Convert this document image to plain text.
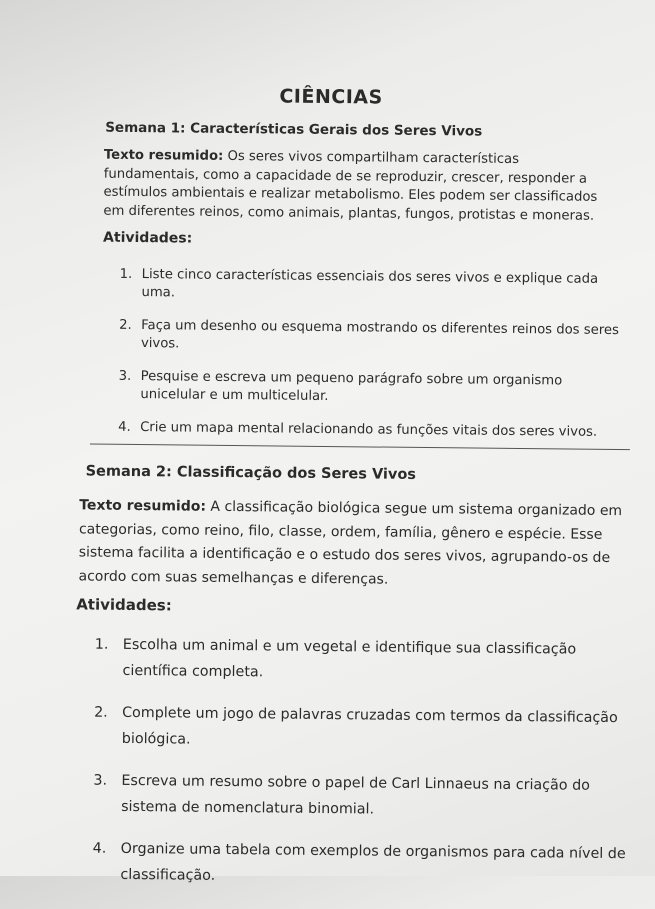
CIÊNCIAS
Semana 1: Características Gerais dos Seres Vivos
Texto resumido: Os seres vivos compartilham características fundamentais, como a capacidade de se reproduzir, crescer, responder a estímulos ambientais e realizar metabolismo. Eles podem ser classificados em diferentes reinos, como animais, plantas, fungos, protistas e moneras.
Atividades:
1. Liste cinco características essenciais dos seres vivos e explique cada uma.
2. Faça um desenho ou esquema mostrando os diferentes reinos dos seres vivos.
3. Pesquise e escreva um pequeno parágrafo sobre um organismo unicelular e um multicelular.
4. Crie um mapa mental relacionando as funções vitais dos seres vivos.
Semana 2: Classificação dos Seres Vivos
Texto resumido: A classificação biológica segue um sistema organizado em categorias, como reino, filo, classe, ordem, família, gênero e espécie. Esse sistema facilita a identificação e o estudo dos seres vivos, agrupando-os de acordo com suas semelhanças e diferenças.
Atividades:
1. Escolha um animal e um vegetal e identifique sua classificação científica completa.
2. Complete um jogo de palavras cruzadas com termos da classificação biológica.
3. Escreva um resumo sobre o papel de Carl Linnaeus na criação do sistema de nomenclatura binomial.
4. Organize uma tabela com exemplos de organismos para cada nível de classificação.
